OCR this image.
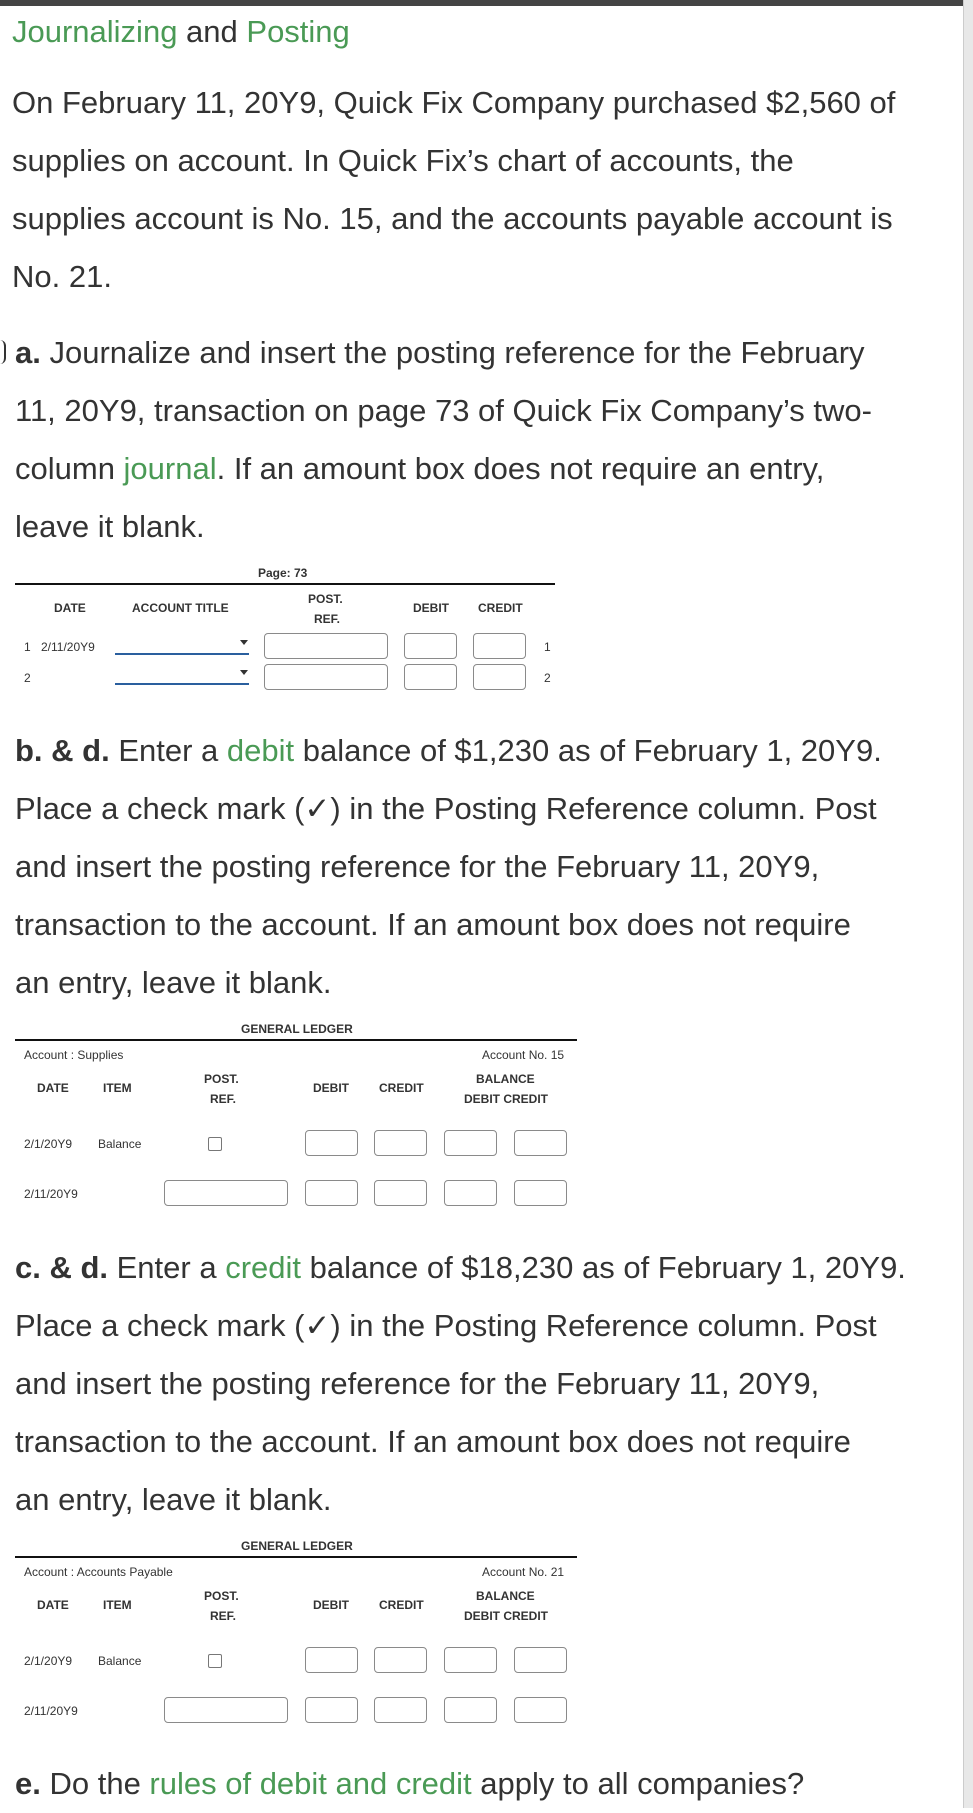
Journalizing and Posting
On February 11, 20Y9, Quick Fix Company purchased $2,560 of
supplies on account. In Quick Fix’s chart of accounts, the
supplies account is No. 15, and the accounts payable account is
No. 21.
a. Journalize and insert the posting reference for the February
11, 20Y9, transaction on page 73 of Quick Fix Company’s two-
column journal. If an amount box does not require an entry,
leave it blank.
Page: 73
DATE	ACCOUNT TITLE
POST.
REF.
DEBIT CREDIT
1 2/11/20Y9	1
2	2
b. & d. Enter a debit balance of $1,230 as of February 1, 20Y9.
Place a check mark (✓) in the Posting Reference column. Post
and insert the posting reference for the February 11, 20Y9,
transaction to the account. If an amount box does not require
an entry, leave it blank.
GENERAL LEDGER
Account : Supplies	Account No. 15
DATE	ITEM
POST.
REF.
DEBIT	CREDIT
BALANCE
DEBIT CREDIT
2/1/20Y9 Balance
2/11/20Y9
c. & d. Enter a credit balance of $18,230 as of February 1, 20Y9.
Place a check mark (✓) in the Posting Reference column. Post
and insert the posting reference for the February 11, 20Y9,
transaction to the account. If an amount box does not require
an entry, leave it blank.
GENERAL LEDGER
Account : Accounts Payable	Account No. 21
DATE	ITEM
POST.
REF.
DEBIT	CREDIT
BALANCE
DEBIT CREDIT
2/1/20Y9 Balance
2/11/20Y9
e. Do the rules of debit and credit apply to all companies?
